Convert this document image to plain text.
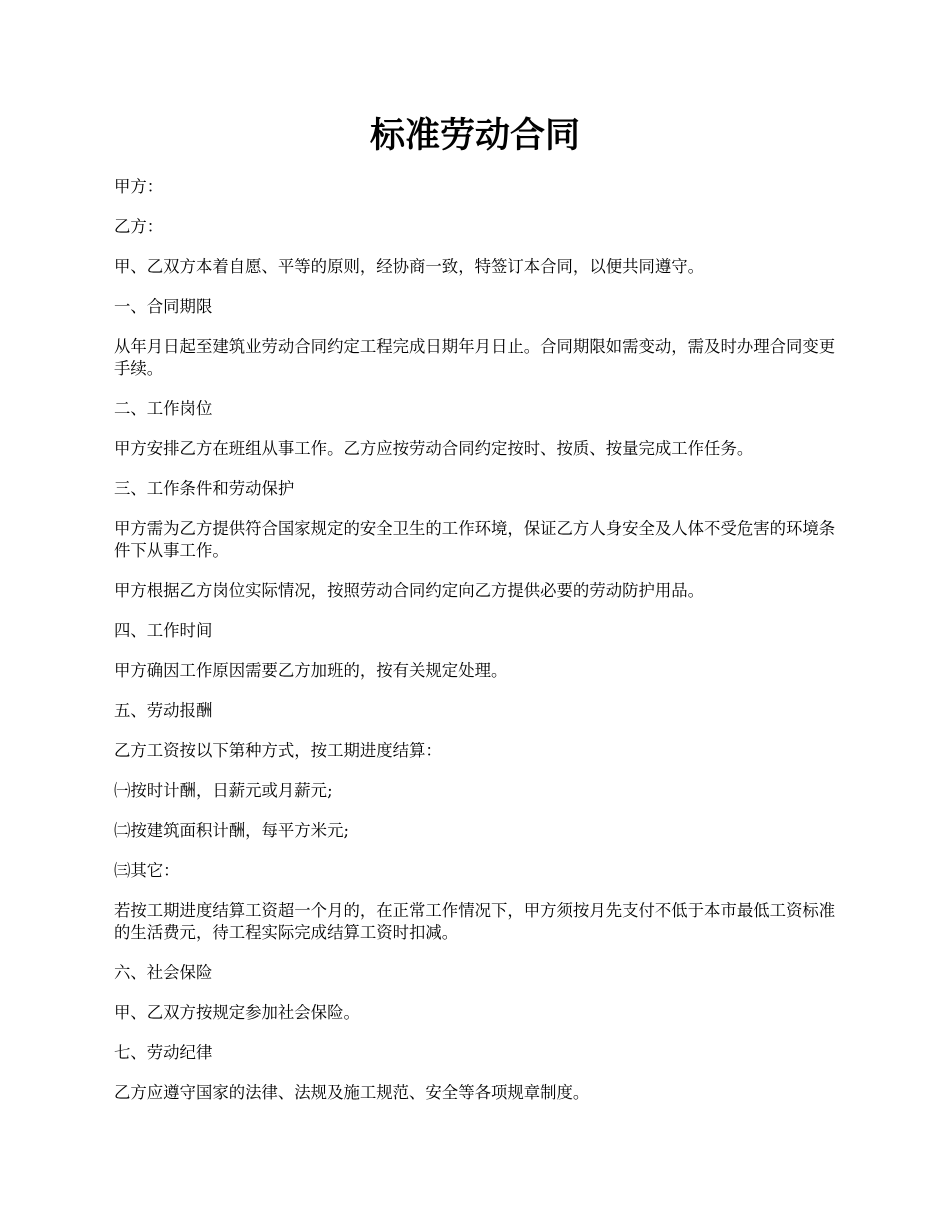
标准劳动合同

甲方：

乙方：

甲、乙双方本着自愿、平等的原则，经协商一致，特签订本合同，以便共同遵守。

一、合同期限

从年月日起至建筑业劳动合同约定工程完成日期年月日止。合同期限如需变动，需及时办理合同变更手续。

二、工作岗位

甲方安排乙方在班组从事工作。乙方应按劳动合同约定按时、按质、按量完成工作任务。

三、工作条件和劳动保护

甲方需为乙方提供符合国家规定的安全卫生的工作环境，保证乙方人身安全及人体不受危害的环境条件下从事工作。

甲方根据乙方岗位实际情况，按照劳动合同约定向乙方提供必要的劳动防护用品。

四、工作时间

甲方确因工作原因需要乙方加班的，按有关规定处理。

五、劳动报酬

乙方工资按以下第种方式，按工期进度结算：

㈠按时计酬，日薪元或月薪元;

㈡按建筑面积计酬，每平方米元;

㈢其它：

若按工期进度结算工资超一个月的，在正常工作情况下，甲方须按月先支付不低于本市最低工资标准的生活费元，待工程实际完成结算工资时扣减。

六、社会保险

甲、乙双方按规定参加社会保险。

七、劳动纪律

乙方应遵守国家的法律、法规及施工规范、安全等各项规章制度。
